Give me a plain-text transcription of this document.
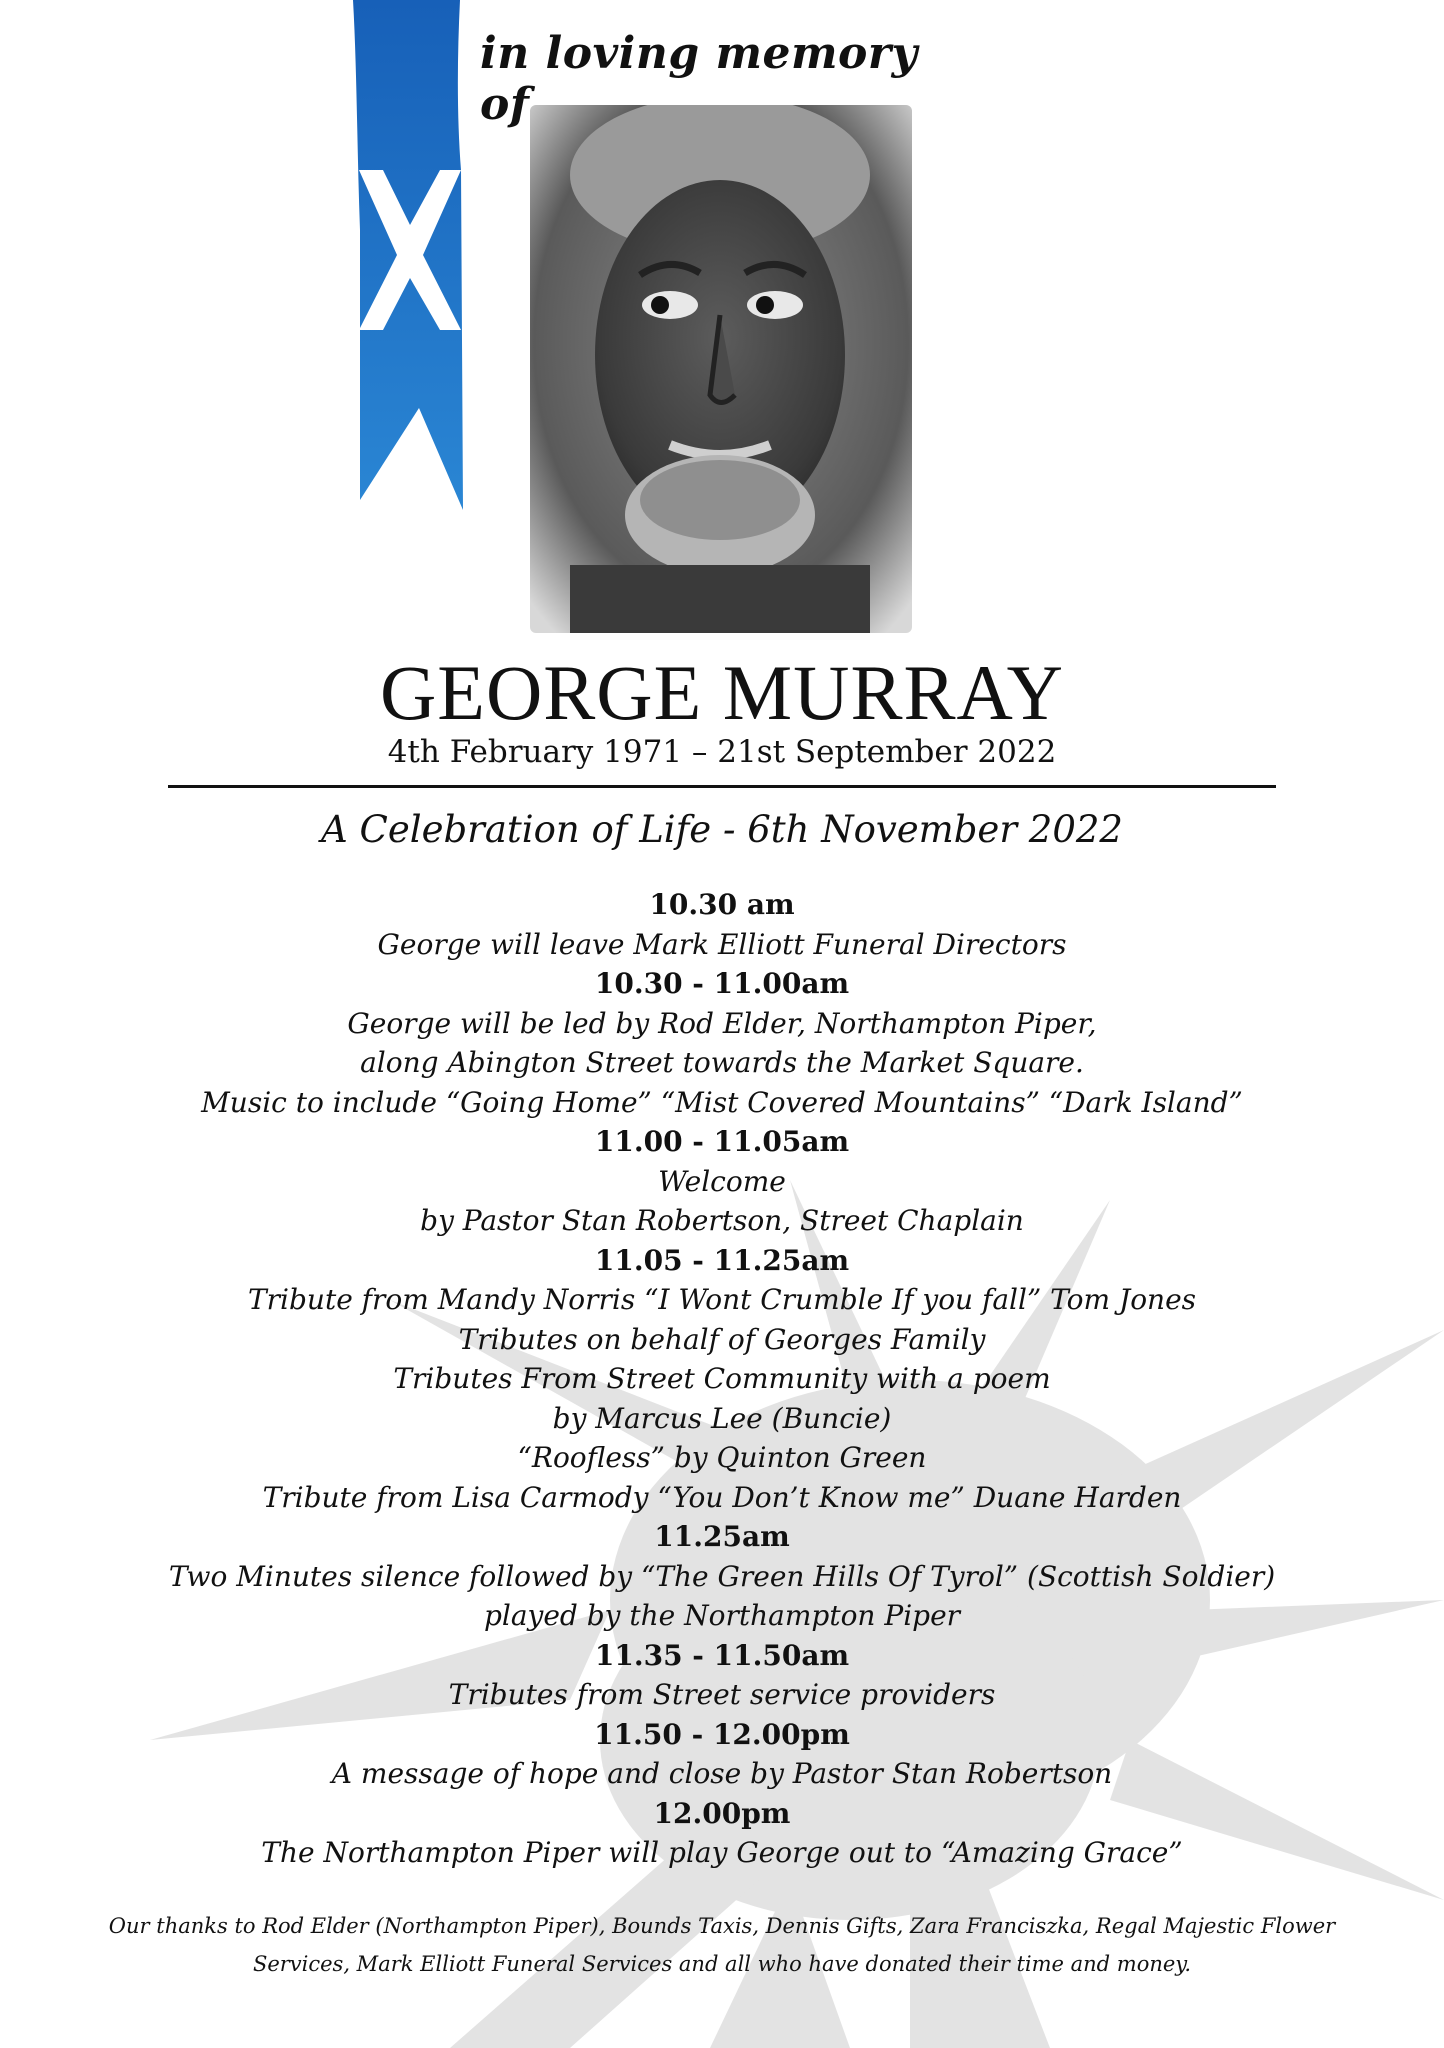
in loving memory of
GEORGE MURRAY
4th February 1971 – 21st September 2022
A Celebration of Life - 6th November 2022
10.30 am
George will leave Mark Elliott Funeral Directors
10.30 - 11.00am
George will be led by Rod Elder, Northampton Piper,
along Abington Street towards the Market Square.
Music to include “Going Home” “Mist Covered Mountains” “Dark Island”
11.00 - 11.05am
Welcome
by Pastor Stan Robertson, Street Chaplain
11.05 - 11.25am
Tribute from Mandy Norris “I Wont Crumble If you fall” Tom Jones
Tributes on behalf of Georges Family
Tributes From Street Community with a poem
by Marcus Lee (Buncie)
“Roofless” by Quinton Green
Tribute from Lisa Carmody “You Don’t Know me” Duane Harden
11.25am
Two Minutes silence followed by “The Green Hills Of Tyrol” (Scottish Soldier)
played by the Northampton Piper
11.35 - 11.50am
Tributes from Street service providers
11.50 - 12.00pm
A message of hope and close by Pastor Stan Robertson
12.00pm
The Northampton Piper will play George out to “Amazing Grace”
Our thanks to Rod Elder (Northampton Piper), Bounds Taxis, Dennis Gifts, Zara Franciszka, Regal Majestic Flower
Services, Mark Elliott Funeral Services and all who have donated their time and money.
